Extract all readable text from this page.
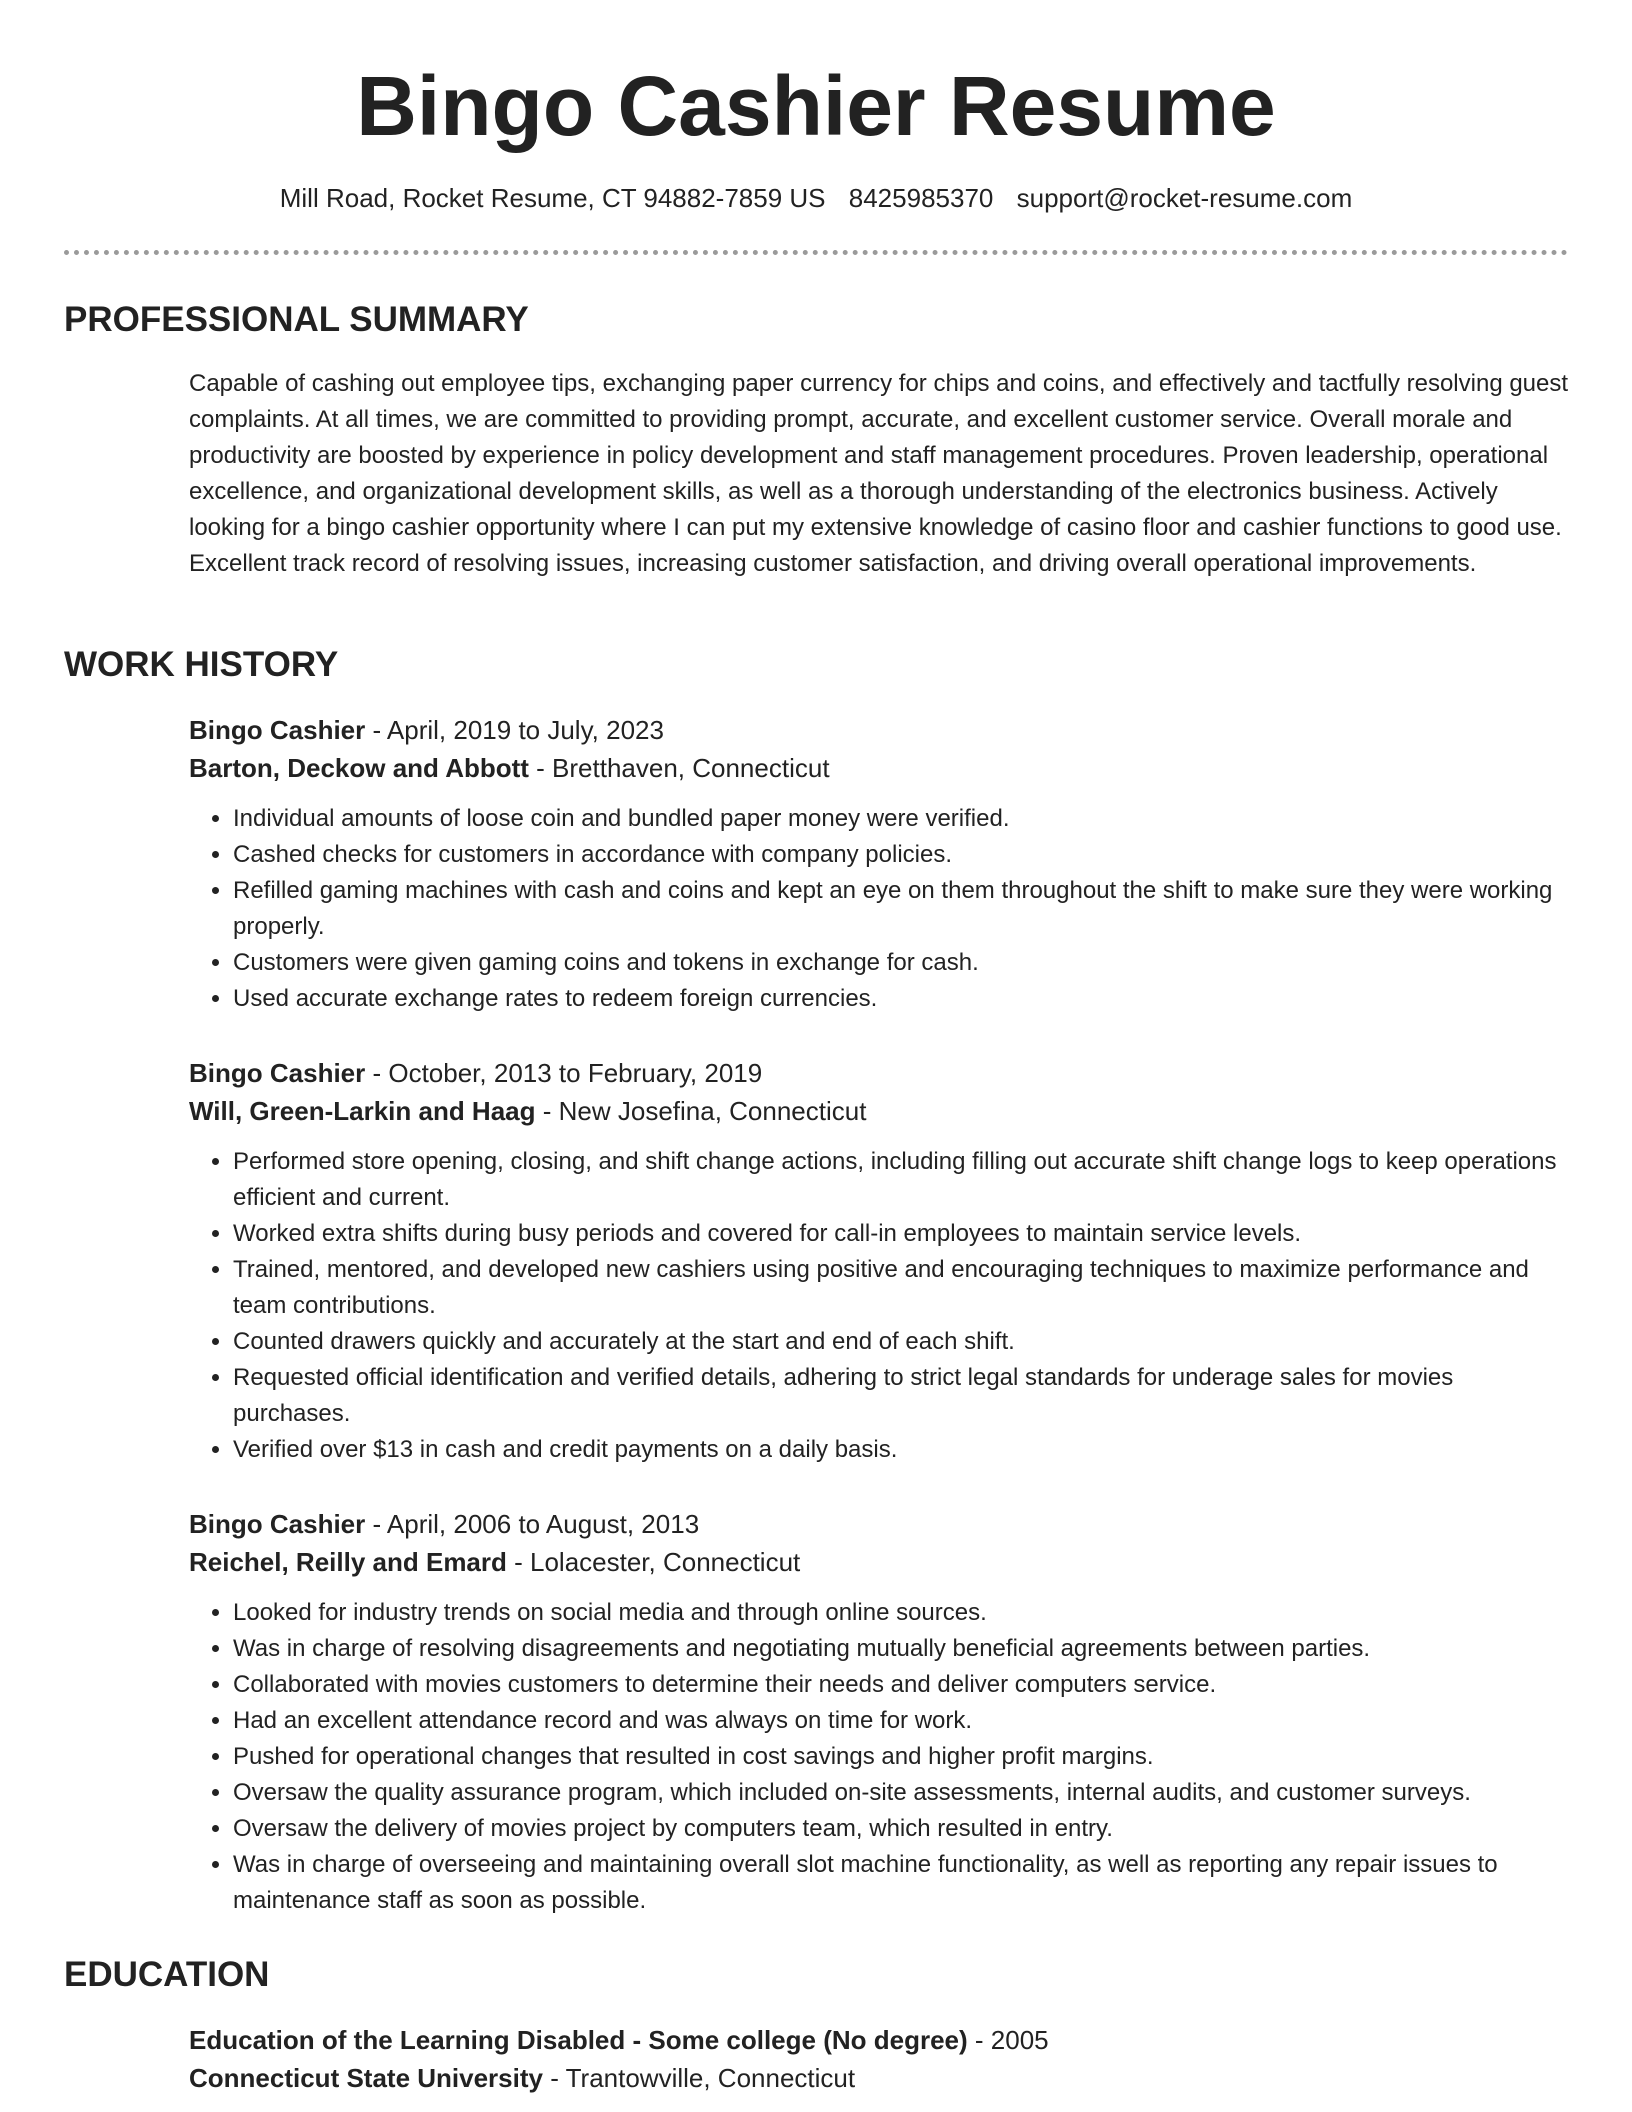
Bingo Cashier Resume
Mill Road, Rocket Resume, CT 94882-7859 US 8425985370 support@rocket-resume.com
PROFESSIONAL SUMMARY

Capable of cashing out employee tips, exchanging paper currency for chips and coins, and effectively and tactfully resolving guest complaints. At all times, we are committed to providing prompt, accurate, and excellent customer service. Overall morale and productivity are boosted by experience in policy development and staff management procedures. Proven leadership, operational excellence, and organizational development skills, as well as a thorough understanding of the electronics business. Actively looking for a bingo cashier opportunity where I can put my extensive knowledge of casino floor and cashier functions to good use. Excellent track record of resolving issues, increasing customer satisfaction, and driving overall operational improvements.

WORK HISTORY
Bingo Cashier - April, 2019 to July, 2023
Barton, Deckow and Abbott - Bretthaven, Connecticut
• Individual amounts of loose coin and bundled paper money were verified.
• Cashed checks for customers in accordance with company policies.
• Refilled gaming machines with cash and coins and kept an eye on them throughout the shift to make sure they were working properly.
• Customers were given gaming coins and tokens in exchange for cash.
• Used accurate exchange rates to redeem foreign currencies.
Bingo Cashier - October, 2013 to February, 2019
Will, Green-Larkin and Haag - New Josefina, Connecticut
• Performed store opening, closing, and shift change actions, including filling out accurate shift change logs to keep operations efficient and current.
• Worked extra shifts during busy periods and covered for call-in employees to maintain service levels.
• Trained, mentored, and developed new cashiers using positive and encouraging techniques to maximize performance and team contributions.
• Counted drawers quickly and accurately at the start and end of each shift.
• Requested official identification and verified details, adhering to strict legal standards for underage sales for movies purchases.
• Verified over $13 in cash and credit payments on a daily basis.
Bingo Cashier - April, 2006 to August, 2013
Reichel, Reilly and Emard - Lolacester, Connecticut
• Looked for industry trends on social media and through online sources.
• Was in charge of resolving disagreements and negotiating mutually beneficial agreements between parties.
• Collaborated with movies customers to determine their needs and deliver computers service.
• Had an excellent attendance record and was always on time for work.
• Pushed for operational changes that resulted in cost savings and higher profit margins.
• Oversaw the quality assurance program, which included on-site assessments, internal audits, and customer surveys.
• Oversaw the delivery of movies project by computers team, which resulted in entry.
• Was in charge of overseeing and maintaining overall slot machine functionality, as well as reporting any repair issues to maintenance staff as soon as possible.
EDUCATION
Education of the Learning Disabled - Some college (No degree) - 2005
Connecticut State University - Trantowville, Connecticut
